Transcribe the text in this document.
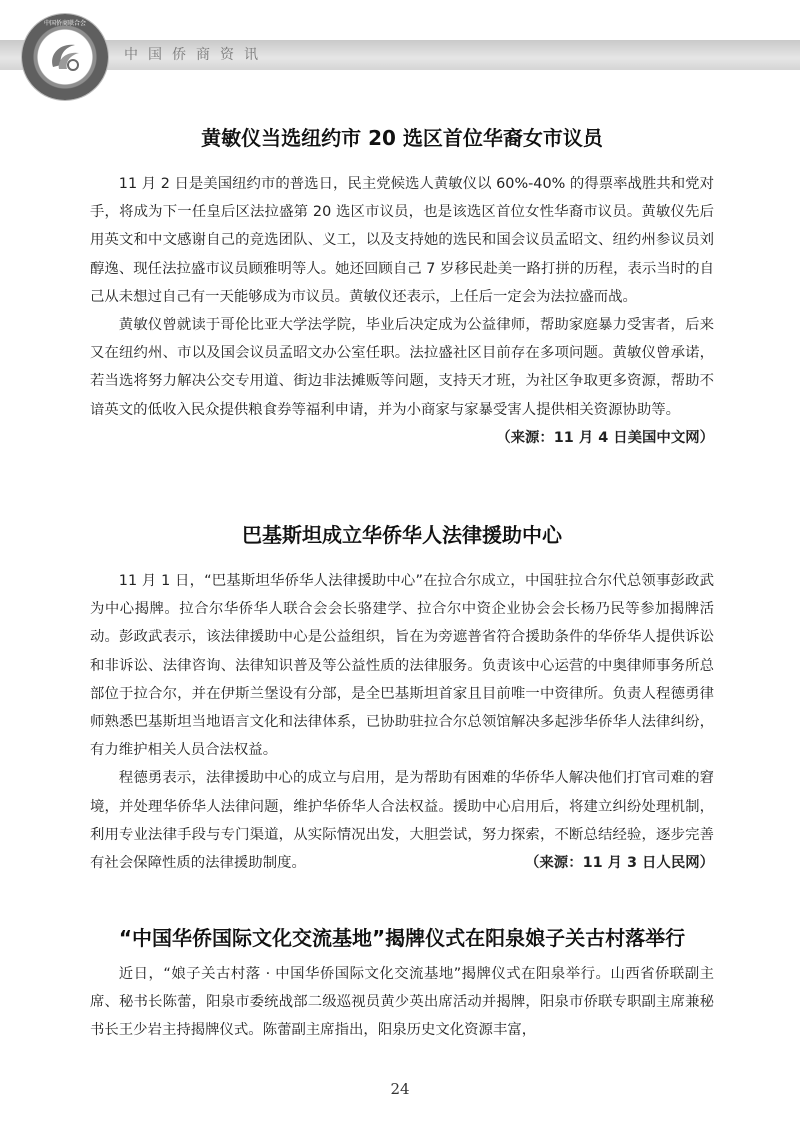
中国侨商联合会
中国侨商资讯
黄敏仪当选纽约市 20 选区首位华裔女市议员

11 月 2 日是美国纽约市的普选日，民主党候选人黄敏仪以 60%-40% 的得票率战胜共和党对手，将成为下一任皇后区法拉盛第 20 选区市议员，也是该选区首位女性华裔市议员。黄敏仪先后用英文和中文感谢自己的竞选团队、义工，以及支持她的选民和国会议员孟昭文、纽约州参议员刘醇逸、现任法拉盛市议员顾雅明等人。她还回顾自己 7 岁移民赴美一路打拼的历程，表示当时的自己从未想过自己有一天能够成为市议员。黄敏仪还表示，上任后一定会为法拉盛而战。

黄敏仪曾就读于哥伦比亚大学法学院，毕业后决定成为公益律师，帮助家庭暴力受害者，后来又在纽约州、市以及国会议员孟昭文办公室任职。法拉盛社区目前存在多项问题。黄敏仪曾承诺，若当选将努力解决公交专用道、街边非法摊贩等问题，支持天才班，为社区争取更多资源，帮助不谙英文的低收入民众提供粮食券等福利申请，并为小商家与家暴受害人提供相关资源协助等。
（来源：11 月 4 日美国中文网）

巴基斯坦成立华侨华人法律援助中心

11 月 1 日，“巴基斯坦华侨华人法律援助中心”在拉合尔成立，中国驻拉合尔代总领事彭政武为中心揭牌。拉合尔华侨华人联合会会长骆建学、拉合尔中资企业协会会长杨乃民等参加揭牌活动。彭政武表示，该法律援助中心是公益组织，旨在为旁遮普省符合援助条件的华侨华人提供诉讼和非诉讼、法律咨询、法律知识普及等公益性质的法律服务。负责该中心运营的中奥律师事务所总部位于拉合尔，并在伊斯兰堡设有分部，是全巴基斯坦首家且目前唯一中资律所。负责人程德勇律师熟悉巴基斯坦当地语言文化和法律体系，已协助驻拉合尔总领馆解决多起涉华侨华人法律纠纷，有力维护相关人员合法权益。

程德勇表示，法律援助中心的成立与启用，是为帮助有困难的华侨华人解决他们打官司难的窘境，并处理华侨华人法律问题，维护华侨华人合法权益。援助中心启用后，将建立纠纷处理机制，利用专业法律手段与专门渠道，从实际情况出发，大胆尝试，努力探索，不断总结经验，逐步完善有社会保障性质的法律援助制度。	（来源：11 月 3 日人民网）

“中国华侨国际文化交流基地”揭牌仪式在阳泉娘子关古村落举行

近日，“娘子关古村落 · 中国华侨国际文化交流基地”揭牌仪式在阳泉举行。山西省侨联副主席、秘书长陈蕾，阳泉市委统战部二级巡视员黄少英出席活动并揭牌，阳泉市侨联专职副主席兼秘书长王少岩主持揭牌仪式。陈蕾副主席指出，阳泉历史文化资源丰富，

24
